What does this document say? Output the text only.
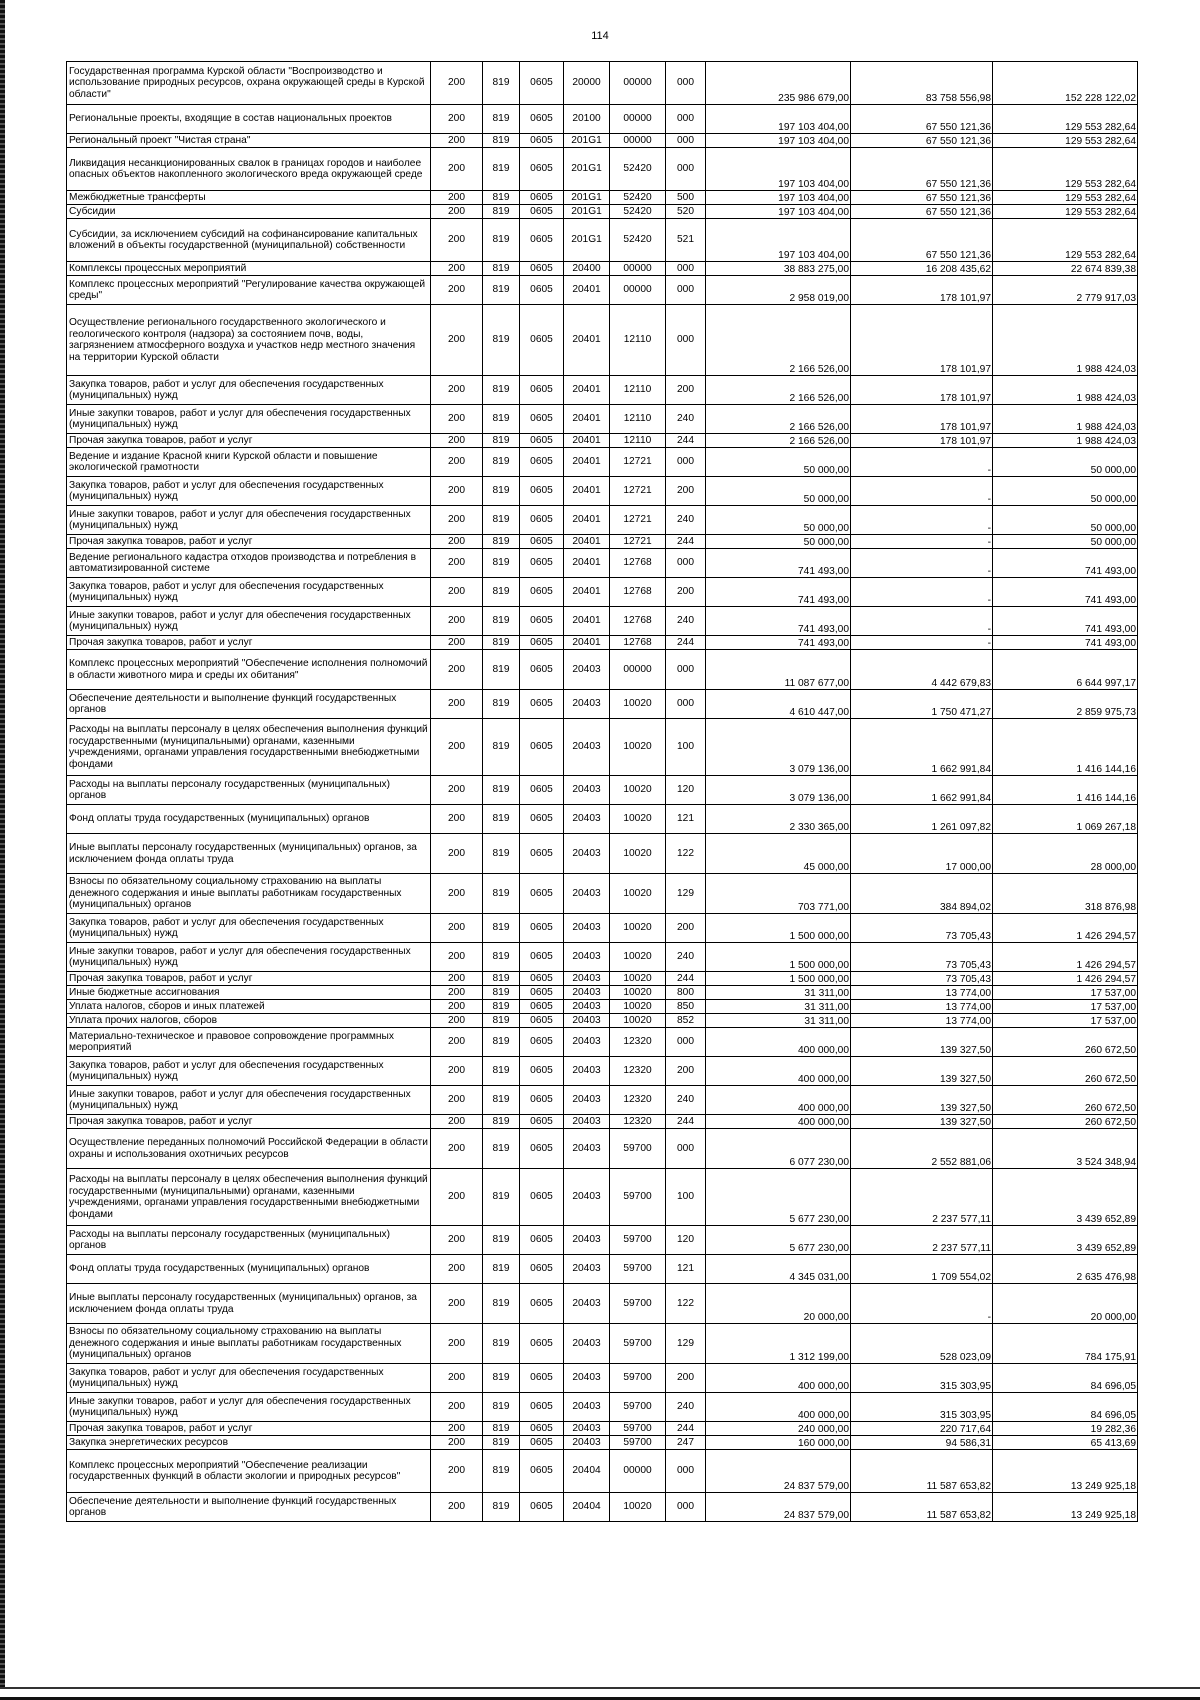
114
Государственная программа Курской области "Воспроизводство и использование природных ресурсов, охрана окружающей среды в Курской области"	200	819	0605	20000	00000	000	235 986 679,00	83 758 556,98	152 228 122,02
Региональные проекты, входящие в состав национальных проектов	200	819	0605	20100	00000	000	197 103 404,00	67 550 121,36	129 553 282,64
Региональный проект "Чистая страна"	200	819	0605	201G1	00000	000	197 103 404,00	67 550 121,36	129 553 282,64
Ликвидация несанкционированных свалок в границах городов и наиболее опасных объектов накопленного экологического вреда окружающей среде	200	819	0605	201G1	52420	000	197 103 404,00	67 550 121,36	129 553 282,64
Межбюджетные трансферты	200	819	0605	201G1	52420	500	197 103 404,00	67 550 121,36	129 553 282,64
Субсидии	200	819	0605	201G1	52420	520	197 103 404,00	67 550 121,36	129 553 282,64
Субсидии, за исключением субсидий на софинансирование капитальных вложений в объекты государственной (муниципальной) собственности	200	819	0605	201G1	52420	521	197 103 404,00	67 550 121,36	129 553 282,64
Комплексы процессных мероприятий	200	819	0605	20400	00000	000	38 883 275,00	16 208 435,62	22 674 839,38
Комплекс процессных мероприятий "Регулирование качества окружающей среды"	200	819	0605	20401	00000	000	2 958 019,00	178 101,97	2 779 917,03
Осуществление регионального государственного экологического и геологического контроля (надзора) за состоянием почв, воды, загрязнением атмосферного воздуха и участков недр местного значения на территории Курской области	200	819	0605	20401	12110	000	2 166 526,00	178 101,97	1 988 424,03
Закупка товаров, работ и услуг для обеспечения государственных (муниципальных) нужд	200	819	0605	20401	12110	200	2 166 526,00	178 101,97	1 988 424,03
Иные закупки товаров, работ и услуг для обеспечения государственных (муниципальных) нужд	200	819	0605	20401	12110	240	2 166 526,00	178 101,97	1 988 424,03
Прочая закупка товаров, работ и услуг	200	819	0605	20401	12110	244	2 166 526,00	178 101,97	1 988 424,03
Ведение и издание Красной книги Курской области и повышение экологической грамотности	200	819	0605	20401	12721	000	50 000,00	-	50 000,00
Закупка товаров, работ и услуг для обеспечения государственных (муниципальных) нужд	200	819	0605	20401	12721	200	50 000,00	-	50 000,00
Иные закупки товаров, работ и услуг для обеспечения государственных (муниципальных) нужд	200	819	0605	20401	12721	240	50 000,00	-	50 000,00
Прочая закупка товаров, работ и услуг	200	819	0605	20401	12721	244	50 000,00	-	50 000,00
Ведение регионального кадастра отходов производства и потребления в автоматизированной системе	200	819	0605	20401	12768	000	741 493,00	-	741 493,00
Закупка товаров, работ и услуг для обеспечения государственных (муниципальных) нужд	200	819	0605	20401	12768	200	741 493,00	-	741 493,00
Иные закупки товаров, работ и услуг для обеспечения государственных (муниципальных) нужд	200	819	0605	20401	12768	240	741 493,00	-	741 493,00
Прочая закупка товаров, работ и услуг	200	819	0605	20401	12768	244	741 493,00	-	741 493,00
Комплекс процессных мероприятий "Обеспечение исполнения полномочий в области животного мира и среды их обитания"	200	819	0605	20403	00000	000	11 087 677,00	4 442 679,83	6 644 997,17
Обеспечение деятельности и выполнение функций государственных органов	200	819	0605	20403	10020	000	4 610 447,00	1 750 471,27	2 859 975,73
Расходы на выплаты персоналу в целях обеспечения выполнения функций государственными (муниципальными) органами, казенными учреждениями, органами управления государственными внебюджетными фондами	200	819	0605	20403	10020	100	3 079 136,00	1 662 991,84	1 416 144,16
Расходы на выплаты персоналу государственных (муниципальных) органов	200	819	0605	20403	10020	120	3 079 136,00	1 662 991,84	1 416 144,16
Фонд оплаты труда государственных (муниципальных) органов	200	819	0605	20403	10020	121	2 330 365,00	1 261 097,82	1 069 267,18
Иные выплаты персоналу государственных (муниципальных) органов, за исключением фонда оплаты труда	200	819	0605	20403	10020	122	45 000,00	17 000,00	28 000,00
Взносы по обязательному социальному страхованию на выплаты денежного содержания и иные выплаты работникам государственных (муниципальных) органов	200	819	0605	20403	10020	129	703 771,00	384 894,02	318 876,98
Закупка товаров, работ и услуг для обеспечения государственных (муниципальных) нужд	200	819	0605	20403	10020	200	1 500 000,00	73 705,43	1 426 294,57
Иные закупки товаров, работ и услуг для обеспечения государственных (муниципальных) нужд	200	819	0605	20403	10020	240	1 500 000,00	73 705,43	1 426 294,57
Прочая закупка товаров, работ и услуг	200	819	0605	20403	10020	244	1 500 000,00	73 705,43	1 426 294,57
Иные бюджетные ассигнования	200	819	0605	20403	10020	800	31 311,00	13 774,00	17 537,00
Уплата налогов, сборов и иных платежей	200	819	0605	20403	10020	850	31 311,00	13 774,00	17 537,00
Уплата прочих налогов, сборов	200	819	0605	20403	10020	852	31 311,00	13 774,00	17 537,00
Материально-техническое и правовое сопровождение программных мероприятий	200	819	0605	20403	12320	000	400 000,00	139 327,50	260 672,50
Закупка товаров, работ и услуг для обеспечения государственных (муниципальных) нужд	200	819	0605	20403	12320	200	400 000,00	139 327,50	260 672,50
Иные закупки товаров, работ и услуг для обеспечения государственных (муниципальных) нужд	200	819	0605	20403	12320	240	400 000,00	139 327,50	260 672,50
Прочая закупка товаров, работ и услуг	200	819	0605	20403	12320	244	400 000,00	139 327,50	260 672,50
Осуществление переданных полномочий Российской Федерации в области охраны и использования охотничьих ресурсов	200	819	0605	20403	59700	000	6 077 230,00	2 552 881,06	3 524 348,94
Расходы на выплаты персоналу в целях обеспечения выполнения функций государственными (муниципальными) органами, казенными учреждениями, органами управления государственными внебюджетными фондами	200	819	0605	20403	59700	100	5 677 230,00	2 237 577,11	3 439 652,89
Расходы на выплаты персоналу государственных (муниципальных) органов	200	819	0605	20403	59700	120	5 677 230,00	2 237 577,11	3 439 652,89
Фонд оплаты труда государственных (муниципальных) органов	200	819	0605	20403	59700	121	4 345 031,00	1 709 554,02	2 635 476,98
Иные выплаты персоналу государственных (муниципальных) органов, за исключением фонда оплаты труда	200	819	0605	20403	59700	122	20 000,00	-	20 000,00
Взносы по обязательному социальному страхованию на выплаты денежного содержания и иные выплаты работникам государственных (муниципальных) органов	200	819	0605	20403	59700	129	1 312 199,00	528 023,09	784 175,91
Закупка товаров, работ и услуг для обеспечения государственных (муниципальных) нужд	200	819	0605	20403	59700	200	400 000,00	315 303,95	84 696,05
Иные закупки товаров, работ и услуг для обеспечения государственных (муниципальных) нужд	200	819	0605	20403	59700	240	400 000,00	315 303,95	84 696,05
Прочая закупка товаров, работ и услуг	200	819	0605	20403	59700	244	240 000,00	220 717,64	19 282,36
Закупка энергетических ресурсов	200	819	0605	20403	59700	247	160 000,00	94 586,31	65 413,69
Комплекс процессных мероприятий "Обеспечение реализации государственных функций в области экологии и природных ресурсов"	200	819	0605	20404	00000	000	24 837 579,00	11 587 653,82	13 249 925,18
Обеспечение деятельности и выполнение функций государственных органов	200	819	0605	20404	10020	000	24 837 579,00	11 587 653,82	13 249 925,18
